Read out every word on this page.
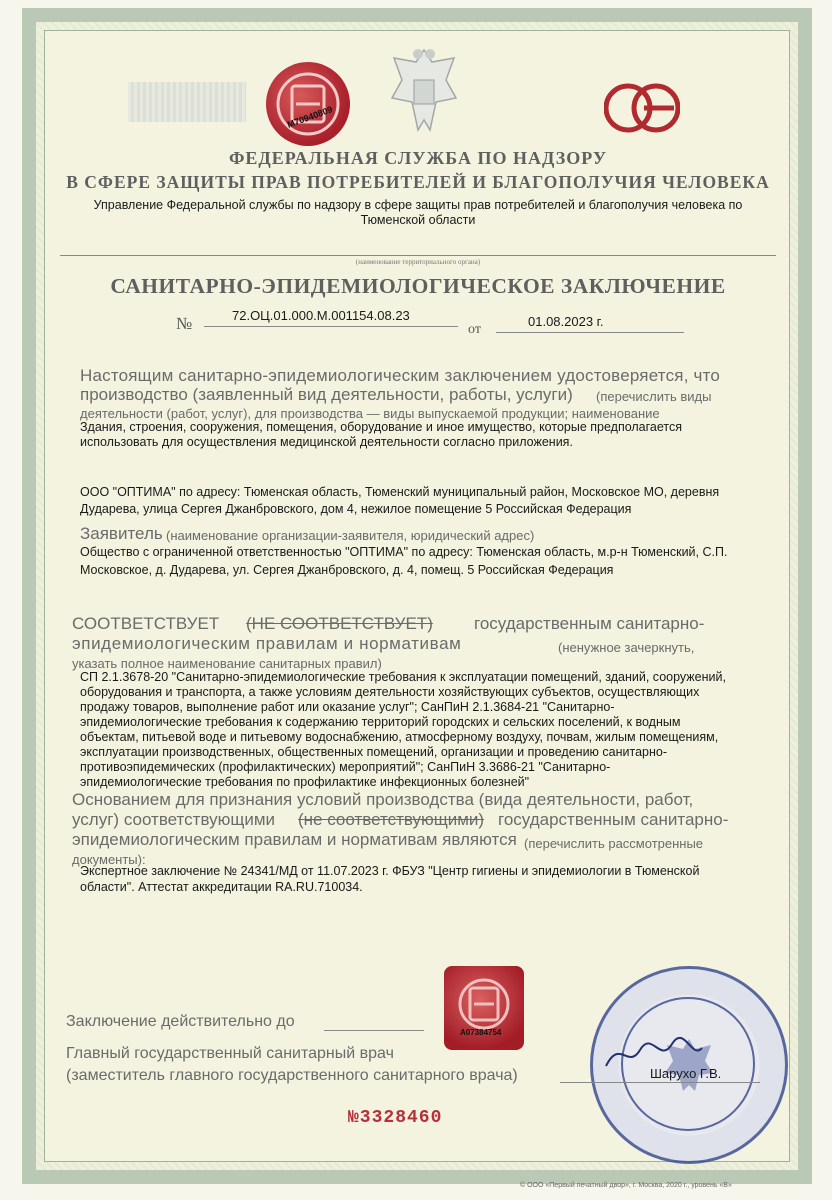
M70940809
ФЕДЕРАЛЬНАЯ СЛУЖБА ПО НАДЗОРУ
В СФЕРЕ ЗАЩИТЫ ПРАВ ПОТРЕБИТЕЛЕЙ И БЛАГОПОЛУЧИЯ ЧЕЛОВЕКА
Управление Федеральной службы по надзору в сфере защиты прав потребителей и благополучия человека по
Тюменской области
(наименование территориального органа)
САНИТАРНО-ЭПИДЕМИОЛОГИЧЕСКОЕ ЗАКЛЮЧЕНИЕ
№	72.ОЦ.01.000.М.001154.08.23
от
01.08.2023 г.
Настоящим санитарно-эпидемиологическим заключением удостоверяется, что
производство (заявленный вид деятельности, работы, услуги) (перечислить виды
деятельности (работ, услуг), для производства — виды выпускаемой продукции; наименование
Здания, строения, сооружения, помещения, оборудование и иное имущество, которые предполагается
использовать для осуществления медицинской деятельности согласно приложения.
ООО "ОПТИМА" по адресу: Тюменская область, Тюменский муниципальный район, Московское МО, деревня
Дударева, улица Сергея Джанбровского, дом 4, нежилое помещение 5 Российская Федерация
Заявитель (наименование организации-заявителя, юридический адрес)
Общество с ограниченной ответственностью "ОПТИМА" по адресу: Тюменская область, м.р-н Тюменский, С.П.
Московское, д. Дударева, ул. Сергея Джанбровского, д. 4, помещ. 5 Российская Федерация
СООТВЕТСТВУЕТ (НЕ СООТВЕТСТВУЕТ) государственным санитарно-
эпидемиологическим правилам и нормативам	(ненужное зачеркнуть,
указать полное наименование санитарных правил)
СП 2.1.3678-20 "Санитарно-эпидемиологические требования к эксплуатации помещений, зданий, сооружений,
оборудования и транспорта, а также условиям деятельности хозяйствующих субъектов, осуществляющих
продажу товаров, выполнение работ или оказание услуг"; СанПиН 2.1.3684-21 "Санитарно-
эпидемиологические требования к содержанию территорий городских и сельских поселений, к водным
объектам, питьевой воде и питьевому водоснабжению, атмосферному воздуху, почвам, жилым помещениям,
эксплуатации производственных, общественных помещений, организации и проведению санитарно-
противоэпидемических (профилактических) мероприятий"; СанПиН 3.3686-21 "Санитарно-
эпидемиологические требования по профилактике инфекционных болезней"
Основанием для признания условий производства (вида деятельности, работ,
услуг) соответствующими (не соответствующими) государственным санитарно-
эпидемиологическим правилам и нормативам являются (перечислить рассмотренные
документы):
Экспертное заключение № 24341/МД от 11.07.2023 г. ФБУЗ "Центр гигиены и эпидемиологии в Тюменской
области". Аттестат аккредитации RA.RU.710034.
A07384754
Заключение действительно до
Главный государственный санитарный врач
(заместитель главного государственного санитарного врача)	Шарухо Г.В.
№3328460
© ООО «Первый печатный двор», г. Москва, 2020 г., уровень «В»
